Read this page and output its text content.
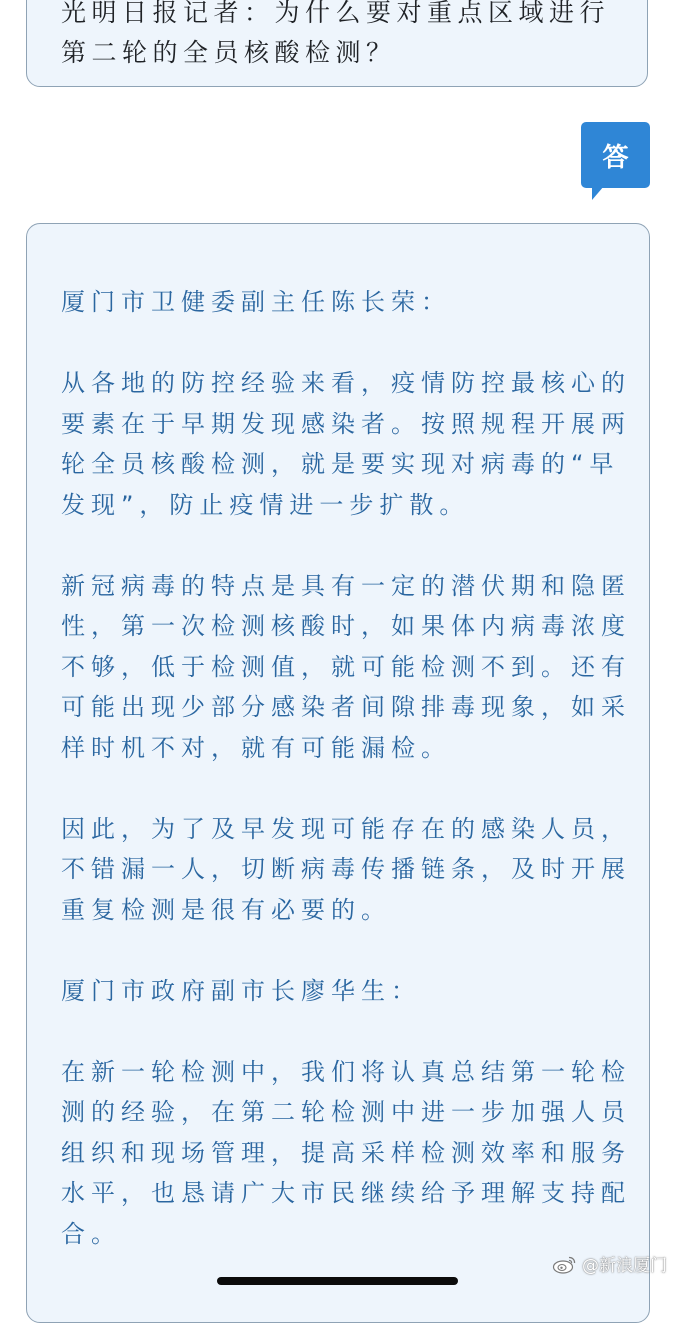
光明日报记者：为什么要对重点区域进行第二轮的全员核酸检测？

答

厦门市卫健委副主任陈长荣：

从各地的防控经验来看，疫情防控最核心的要素在于早期发现感染者。按照规程开展两轮全员核酸检测，就是要实现对病毒的“早发现”，防止疫情进一步扩散。

新冠病毒的特点是具有一定的潜伏期和隐匿性，第一次检测核酸时，如果体内病毒浓度不够，低于检测值，就可能检测不到。还有可能出现少部分感染者间隙排毒现象，如采样时机不对，就有可能漏检。

因此，为了及早发现可能存在的感染人员，不错漏一人，切断病毒传播链条，及时开展重复检测是很有必要的。

厦门市政府副市长廖华生：

在新一轮检测中，我们将认真总结第一轮检测的经验，在第二轮检测中进一步加强人员组织和现场管理，提高采样检测效率和服务水平，也恳请广大市民继续给予理解支持配合。

@新浪厦门
